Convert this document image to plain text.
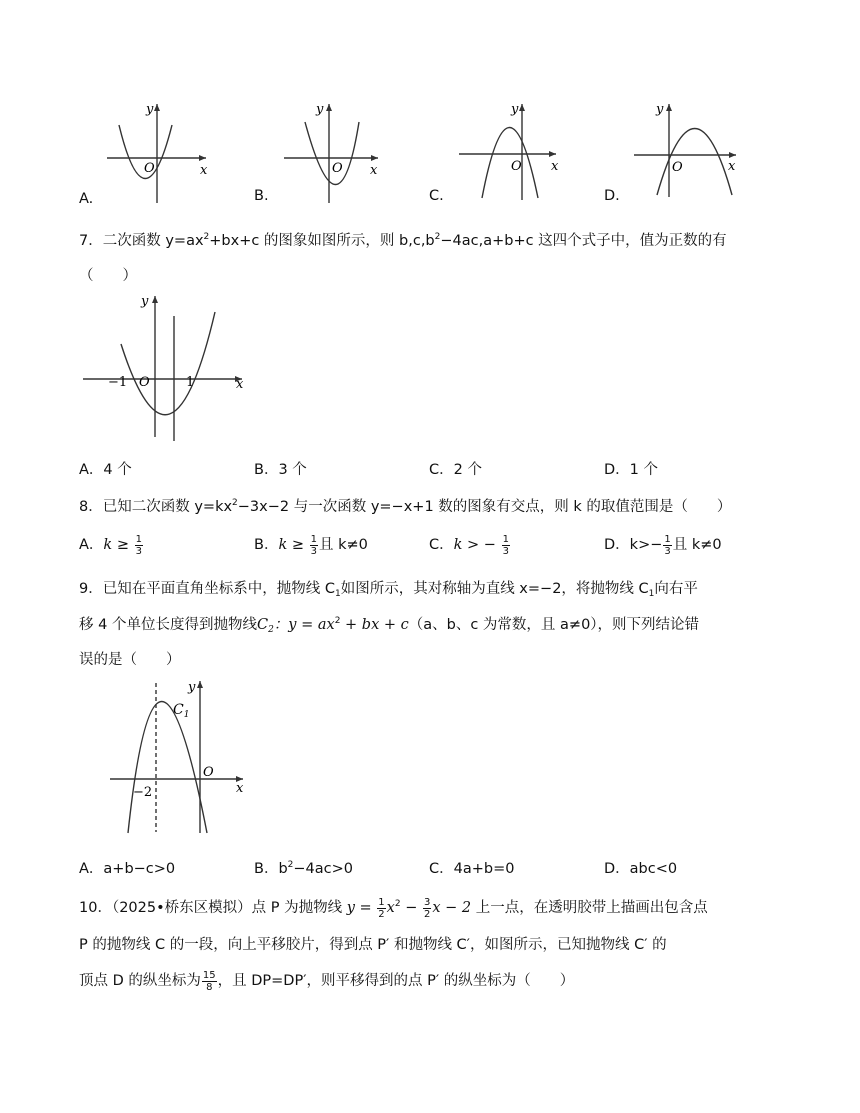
y
O	x
y
O x
y
O x
y
O	x
A.	B.	C.	D.
7．二次函数 $y=ax^2+bx+c$ 的图象如图所示，则 $b,c,b^2-4ac,a+b+c$ 这四个式子中，值为正数的有
（　　）
y
−1 O	1	x
A．4 个	B．3 个	C．2 个	D．1 个
8．已知二次函数 $y=kx^2-3x-2$ 与一次函数 y=−x+1 数的图象有交点，则 k 的取值范围是（　　）
A．$k \ge \frac{1}{3}$	B．$k \ge \frac{1}{3}$ 且 k≠0	C．k > − $\frac{1}{3}$	D．$k>- \frac{1}{3}$ 且 k≠0
9．已知在平面直角坐标系中，抛物线 $C_1$如图所示，其对称轴为直线 x=−2，将抛物线 $C_1$向右平
移 4 个单位长度得到抛物线$C_2$：$y = ax^2$ + bx + c（a、b、c 为常数，且 a≠0），则下列结论错
误的是（　　）
y
$C_1$
O
−2	x
A．a+b−c>0	B．$b^2-4ac>0$	C．4a+b=0	D．abc<0
10．（2025•桥东区模拟）点 P 为抛物线 $y = \frac{1}{2} x^2 - \frac{3}{2}$ x − 2 上一点，在透明胶带上描画出包含点
P 的抛物线 C 的一段，向上平移胶片，得到点 P′ 和抛物线 C′，如图所示，已知抛物线 C′ 的
顶点 D 的纵坐标为 $\frac{15}{8}$ ，且 DP=DP′，则平移得到的点 P′ 的纵坐标为（　　）
